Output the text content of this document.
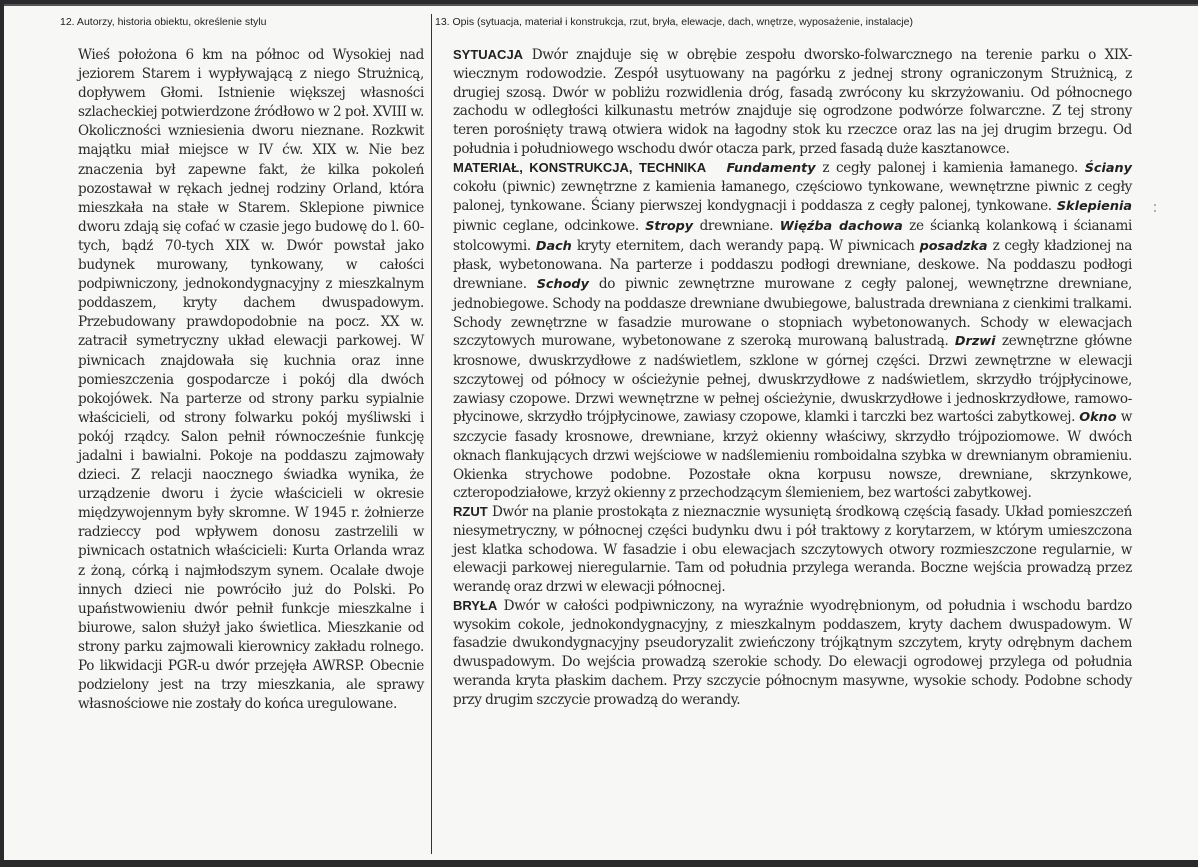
12. Autorzy, historia obiektu, określenie stylu	13. Opis (sytuacja, materiał i konstrukcja, rzut, bryła, elewacje, dach, wnętrze, wyposażenie, instalacje)

Wieś położona 6 km na północ od Wysokiej nad jeziorem Starem i wypływającą z niego Strużnicą, dopływem Głomi. Istnienie większej własności szlacheckiej potwierdzone źródłowo w 2 poł. XVIII w. Okoliczności wzniesienia dworu nieznane. Rozkwit majątku miał miejsce w IV ćw. XIX w. Nie bez znaczenia był zapewne fakt, że kilka pokoleń pozostawał w rękach jednej rodziny Orland, która mieszkała na stałe w Starem. Sklepione piwnice dworu zdają się cofać w czasie jego budowę do l. 60-tych, bądź 70-tych XIX w. Dwór powstał jako budynek murowany, tynkowany, w całości podpiwniczony, jednokondygnacyjny z mieszkalnym poddaszem, kryty dachem dwuspadowym. Przebudowany prawdopodobnie na pocz. XX w. zatracił symetryczny układ elewacji parkowej. W piwnicach znajdowała się kuchnia oraz inne pomieszczenia gospodarcze i pokój dla dwóch pokojówek. Na parterze od strony parku sypialnie właścicieli, od strony folwarku pokój myśliwski i pokój rządcy. Salon pełnił równocześnie funkcję jadalni i bawialni. Pokoje na poddaszu zajmowały dzieci. Z relacji naocznego świadka wynika, że urządzenie dworu i życie właścicieli w okresie międzywojennym były skromne. W 1945 r. żołnierze radzieccy pod wpływem donosu zastrzelili w piwnicach ostatnich właścicieli: Kurta Orlanda wraz z żoną, córką i najmłodszym synem. Ocalałe dwoje innych dzieci nie powróciło już do Polski. Po upaństwowieniu dwór pełnił funkcje mieszkalne i biurowe, salon służył jako świetlica. Mieszkanie od strony parku zajmowali kierownicy zakładu rolnego. Po likwidacji PGR-u dwór przejęła AWRSP. Obecnie podzielony jest na trzy mieszkania, ale sprawy własnościowe nie zostały do końca uregulowane.

SYTUACJA Dwór znajduje się w obrębie zespołu dworsko-folwarcznego na terenie parku o XIX-wiecznym rodowodzie. Zespół usytuowany na pagórku z jednej strony ograniczonym Strużnicą, z drugiej szosą. Dwór w pobliżu rozwidlenia dróg, fasadą zwrócony ku skrzyżowaniu. Od północnego zachodu w odległości kilkunastu metrów znajduje się ogrodzone podwórze folwarczne. Z tej strony teren porośnięty trawą otwiera widok na łagodny stok ku rzeczce oraz las na jej drugim brzegu. Od południa i południowego wschodu dwór otacza park, przed fasadą duże kasztanowce.

MATERIAŁ, KONSTRUKCJA, TECHNIKA Fundamenty z cegły palonej i kamienia łamanego. Ściany cokołu (piwnic) zewnętrzne z kamienia łamanego, częściowo tynkowane, wewnętrzne piwnic z cegły palonej, tynkowane. Ściany pierwszej kondygnacji i poddasza z cegły palonej, tynkowane. Sklepienia piwnic ceglane, odcinkowe. Stropy drewniane. Więźba dachowa ze ścianką kolankową i ścianami stolcowymi. Dach kryty eternitem, dach werandy papą. W piwnicach posadzka z cegły kładzionej na płask, wybetonowana. Na parterze i poddaszu podłogi drewniane, deskowe. Na poddaszu podłogi drewniane. Schody do piwnic zewnętrzne murowane z cegły palonej, wewnętrzne drewniane, jednobiegowe. Schody na poddasze drewniane dwubiegowe, balustrada drewniana z cienkimi tralkami. Schody zewnętrzne w fasadzie murowane o stopniach wybetonowanych. Schody w elewacjach szczytowych murowane, wybetonowane z szeroką murowaną balustradą. Drzwi zewnętrzne główne krosnowe, dwuskrzydłowe z nadświetlem, szklone w górnej części. Drzwi zewnętrzne w elewacji szczytowej od północy w ościeżynie pełnej, dwuskrzydłowe z nadświetlem, skrzydło trójpłycinowe, zawiasy czopowe. Drzwi wewnętrzne w pełnej ościeżynie, dwuskrzydłowe i jednoskrzydłowe, ramowo-płycinowe, skrzydło trójpłycinowe, zawiasy czopowe, klamki i tarczki bez wartości zabytkowej. Okno w szczycie fasady krosnowe, drewniane, krzyż okienny właściwy, skrzydło trójpoziomowe. W dwóch oknach flankujących drzwi wejściowe w nadślemieniu romboidalna szybka w drewnianym obramieniu. Okienka strychowe podobne. Pozostałe okna korpusu nowsze, drewniane, skrzynkowe, czteropodziałowe, krzyż okienny z przechodzącym ślemieniem, bez wartości zabytkowej.

RZUT Dwór na planie prostokąta z nieznacznie wysuniętą środkową częścią fasady. Układ pomieszczeń niesymetryczny, w północnej części budynku dwu i pół traktowy z korytarzem, w którym umieszczona jest klatka schodowa. W fasadzie i obu elewacjach szczytowych otwory rozmieszczone regularnie, w elewacji parkowej nieregularnie. Tam od południa przylega weranda. Boczne wejścia prowadzą przez werandę oraz drzwi w elewacji północnej.

BRYŁA Dwór w całości podpiwniczony, na wyraźnie wyodrębnionym, od południa i wschodu bardzo wysokim cokole, jednokondygnacyjny, z mieszkalnym poddaszem, kryty dachem dwuspadowym. W fasadzie dwukondygnacyjny pseudoryzalit zwieńczony trójkątnym szczytem, kryty odrębnym dachem dwuspadowym. Do wejścia prowadzą szerokie schody. Do elewacji ogrodowej przylega od południa weranda kryta płaskim dachem. Przy szczycie północnym masywne, wysokie schody. Podobne schody przy drugim szczycie prowadzą do werandy.
